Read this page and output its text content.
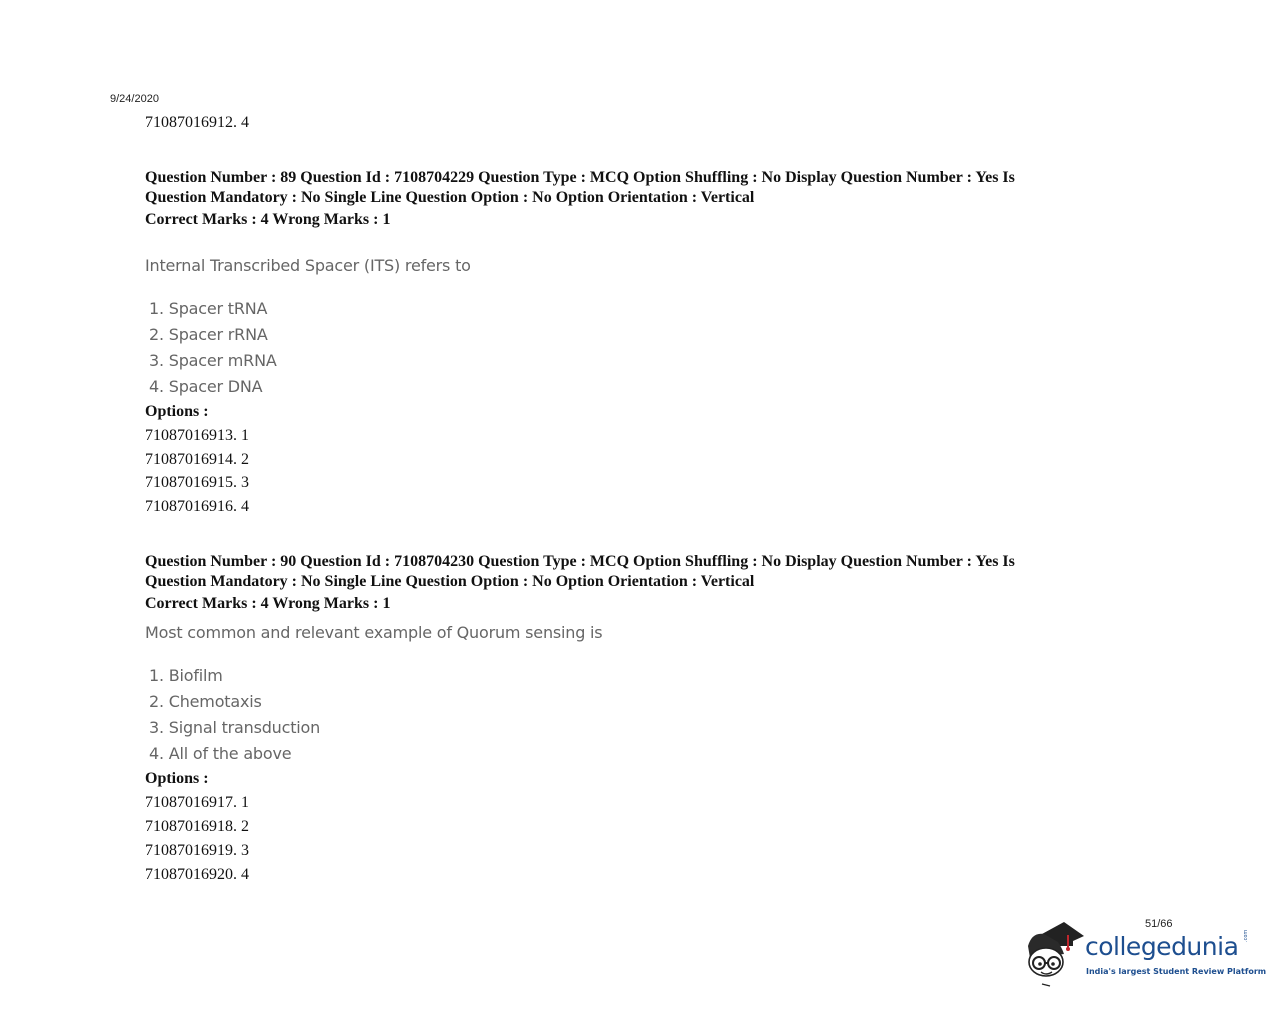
9/24/2020
71087016912. 4
Question Number : 89 Question Id : 7108704229 Question Type : MCQ Option Shuffling : No Display Question Number : Yes Is
Question Mandatory : No Single Line Question Option : No Option Orientation : Vertical
Correct Marks : 4 Wrong Marks : 1
Internal Transcribed Spacer (ITS) refers to
1. Spacer tRNA
2. Spacer rRNA
3. Spacer mRNA
4. Spacer DNA
Options :
71087016913. 1
71087016914. 2
71087016915. 3
71087016916. 4
Question Number : 90 Question Id : 7108704230 Question Type : MCQ Option Shuffling : No Display Question Number : Yes Is
Question Mandatory : No Single Line Question Option : No Option Orientation : Vertical
Correct Marks : 4 Wrong Marks : 1
Most common and relevant example of Quorum sensing is
1. Biofilm
2. Chemotaxis
3. Signal transduction
4. All of the above
Options :
71087016917. 1
71087016918. 2
71087016919. 3
71087016920. 4
51/66
collegedunia .com
India's largest Student Review Platform
